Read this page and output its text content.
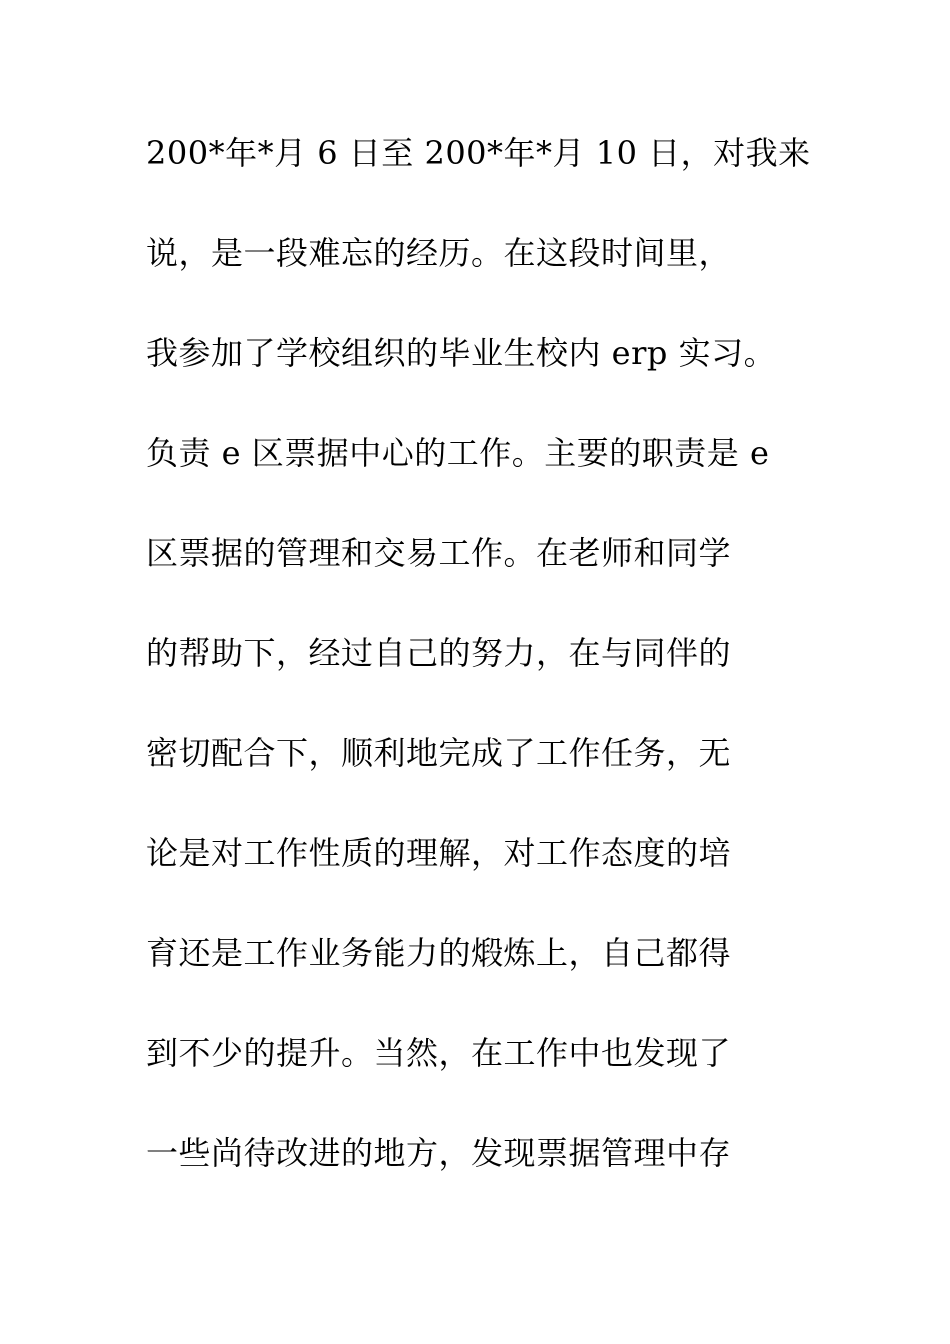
200*年*月 6 日至 200*年*月 10 日，对我来
说，是一段难忘的经历。在这段时间里，
我参加了学校组织的毕业生校内 erp 实习。
负责 e 区票据中心的工作。主要的职责是 e
区票据的管理和交易工作。在老师和同学
的帮助下，经过自己的努力，在与同伴的
密切配合下，顺利地完成了工作任务，无
论是对工作性质的理解，对工作态度的培
育还是工作业务能力的煅炼上，自己都得
到不少的提升。当然，在工作中也发现了
一些尚待改进的地方，发现票据管理中存
